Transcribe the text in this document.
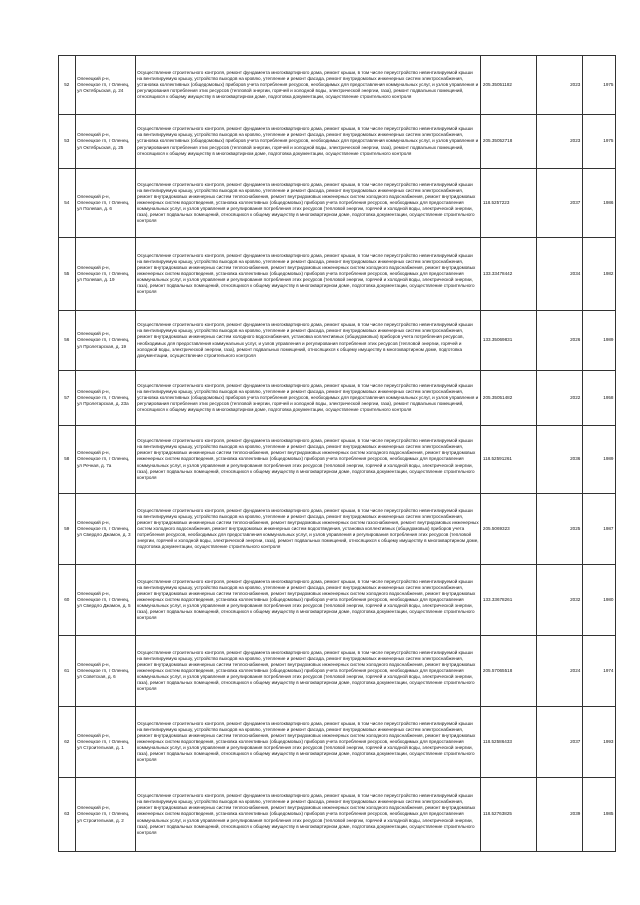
52	Оленецкий р-н, Оленецкое гп, г Оленец, ул Октябрьская, д. 24	Осуществление строительного контроля, ремонт фундамента многоквартирного дома, ремонт крыши, в том числе переустройство невентилируемой крыши на вентилируемую крышу, устройство выходов на кровлю, утепление и ремонт фасада, ремонт внутридомовых инженерных систем электроснабжения, установка коллективных (общедомовых) приборов учета потребления ресурсов, необходимых для предоставления коммунальных услуг, и узлов управления и регулирования потребления этих ресурсов (тепловой энергии, горячей и холодной воды, электрической энергии, газа), ремонт подвальных помещений, относящихся к общему имуществу в многоквартирном доме, подготовка документации, осуществление строительного контроля	205.35051182	2023	1975
53	Оленецкий р-н, Оленецкое гп, г Оленец, ул Октябрьская, д. 25	Осуществление строительного контроля, ремонт фундамента многоквартирного дома, ремонт крыши, в том числе переустройство невентилируемой крыши на вентилируемую крышу, устройство выходов на кровлю, утепление и ремонт фасада, ремонт внутридомовых инженерных систем электроснабжения, установка коллективных (общедомовых) приборов учета потребления ресурсов, необходимых для предоставления коммунальных услуг, и узлов управления и регулирования потребления этих ресурсов (тепловой энергии, горячей и холодной воды, электрической энергии, газа), ремонт подвальных помещений, относящихся к общему имуществу в многоквартирном доме, подготовка документации, осуществление строительного контроля	205.35052718	2023	1975
54	Оленецкий р-н, Оленецкое гп, г Оленец, ул Полевая, д. 6	Осуществление строительного контроля, ремонт фундамента многоквартирного дома, ремонт крыши, в том числе переустройство невентилируемой крыши на вентилируемую крышу, устройство выходов на кровлю, утепление и ремонт фасада, ремонт внутридомовых инженерных систем электроснабжения, ремонт внутридомовых инженерных систем теплоснабжения, ремонт внутридомовых инженерных систем холодного водоснабжения, ремонт внутридомовых инженерных систем водоотведения, установка коллективных (общедомовых) приборов учета потребления ресурсов, необходимых для предоставления коммунальных услуг, и узлов управления и регулирования потребления этих ресурсов (тепловой энергии, горячей и холодной воды, электрической энергии, газа), ремонт подвальных помещений, относящихся к общему имуществу в многоквартирном доме, подготовка документации, осуществление строительного контроля	118.5257223	2037	1986
55	Оленецкий р-н, Оленецкое гп, г Оленец, ул Полевая, д. 19	Осуществление строительного контроля, ремонт фундамента многоквартирного дома, ремонт крыши, в том числе переустройство невентилируемой крыши на вентилируемую крышу, устройство выходов на кровлю, утепление и ремонт фасада, ремонт внутридомовых инженерных систем электроснабжения, ремонт внутридомовых инженерных систем теплоснабжения, ремонт внутридомовых инженерных систем холодного водоснабжения, ремонт внутридомовых инженерных систем водоотведения, установка коллективных (общедомовых) приборов учета потребления ресурсов, необходимых для предоставления коммунальных услуг, и узлов управления и регулирования потребления этих ресурсов (тепловой энергии, горячей и холодной воды, электрической энергии, газа), ремонт подвальных помещений, относящихся к общему имуществу в многоквартирном доме, подготовка документации, осуществление строительного контроля	133.33478442	2034	1982
56	Оленецкий р-н, Оленецкое гп, г Оленец, ул Пролетарская, д. 19	Осуществление строительного контроля, ремонт фундамента многоквартирного дома, ремонт крыши, в том числе переустройство невентилируемой крыши на вентилируемую крышу, устройство выходов на кровлю, утепление и ремонт фасада, ремонт внутридомовых инженерных систем электроснабжения, ремонт внутридомовых инженерных систем холодного водоснабжения, установка коллективных (общедомовых) приборов учета потребления ресурсов, необходимых для предоставления коммунальных услуг, и узлов управления и регулирования потребления этих ресурсов (тепловой энергии, горячей и холодной воды, электрической энергии, газа), ремонт подвальных помещений, относящихся к общему имуществу в многоквартирном доме, подготовка документации, осуществление строительного контроля	133.35069831	2026	1989
57	Оленецкий р-н, Оленецкое гп, г Оленец, ул Пролетарская, д. 23а	Осуществление строительного контроля, ремонт фундамента многоквартирного дома, ремонт крыши, в том числе переустройство невентилируемой крыши на вентилируемую крышу, устройство выходов на кровлю, утепление и ремонт фасада, ремонт внутридомовых инженерных систем электроснабжения, установка коллективных (общедомовых) приборов учета потребления ресурсов, необходимых для предоставления коммунальных услуг, и узлов управления и регулирования потребления этих ресурсов (тепловой энергии, горячей и холодной воды, электрической энергии, газа), ремонт подвальных помещений, относящихся к общему имуществу в многоквартирном доме, подготовка документации, осуществление строительного контроля	205.35051482	2022	1958
58	Оленецкий р-н, Оленецкое гп, г Оленец, ул Речная, д. 7а	Осуществление строительного контроля, ремонт фундамента многоквартирного дома, ремонт крыши, в том числе переустройство невентилируемой крыши на вентилируемую крышу, устройство выходов на кровлю, утепление и ремонт фасада, ремонт внутридомовых инженерных систем электроснабжения, ремонт внутридомовых инженерных систем теплоснабжения, ремонт внутридомовых инженерных систем холодного водоснабжения, ремонт внутридомовых инженерных систем водоотведения, установка коллективных (общедомовых) приборов учета потребления ресурсов, необходимых для предоставления коммунальных услуг, и узлов управления и регулирования потребления этих ресурсов (тепловой энергии, горячей и холодной воды, электрической энергии, газа), ремонт подвальных помещений, относящихся к общему имуществу в многоквартирном доме, подготовка документации, осуществление строительного контроля	118.52591261	2036	1989
59	Оленецкий р-н, Оленецкое гп, г Оленец, ул Свердло Джамон, д. 3	Осуществление строительного контроля, ремонт фундамента многоквартирного дома, ремонт крыши, в том числе переустройство невентилируемой крыши на вентилируемую крышу, устройство выходов на кровлю, утепление и ремонт фасада, ремонт внутридомовых инженерных систем электроснабжения, ремонт внутридомовых инженерных систем теплоснабжения, ремонт внутридомовых инженерных систем газоснабжения, ремонт внутридомовых инженерных систем холодного водоснабжения, ремонт внутридомовых инженерных систем водоотведения, установка коллективных (общедомовых) приборов учета потребления ресурсов, необходимых для предоставления коммунальных услуг, и узлов управления и регулирования потребления этих ресурсов (тепловой энергии, горячей и холодной воды, электрической энергии, газа), ремонт подвальных помещений, относящихся к общему имуществу в многоквартирном доме, подготовка документации, осуществление строительного контроля	205.5069323	2025	1987
60	Оленецкий р-н, Оленецкое гп, г Оленец, ул Свердло Джамон, д. 5	Осуществление строительного контроля, ремонт фундамента многоквартирного дома, ремонт крыши, в том числе переустройство невентилируемой крыши на вентилируемую крышу, устройство выходов на кровлю, утепление и ремонт фасада, ремонт внутридомовых инженерных систем электроснабжения, ремонт внутридомовых инженерных систем теплоснабжения, ремонт внутридомовых инженерных систем холодного водоснабжения, ремонт внутридомовых инженерных систем водоотведения, установка коллективных (общедомовых) приборов учета потребления ресурсов, необходимых для предоставления коммунальных услуг, и узлов управления и регулирования потребления этих ресурсов (тепловой энергии, горячей и холодной воды, электрической энергии, газа), ремонт подвальных помещений, относящихся к общему имуществу в многоквартирном доме, подготовка документации, осуществление строительного контроля	133.33678261	2032	1980
61	Оленецкий р-н, Оленецкое гп, г Оленец, ул Советская, д. 6	Осуществление строительного контроля, ремонт фундамента многоквартирного дома, ремонт крыши, в том числе переустройство невентилируемой крыши на вентилируемую крышу, устройство выходов на кровлю, утепление и ремонт фасада, ремонт внутридомовых инженерных систем электроснабжения, ремонт внутридомовых инженерных систем теплоснабжения, ремонт внутридомовых инженерных систем холодного водоснабжения, ремонт внутридомовых инженерных систем водоотведения, установка коллективных (общедомовых) приборов учета потребления ресурсов, необходимых для предоставления коммунальных услуг, и узлов управления и регулирования потребления этих ресурсов (тепловой энергии, горячей и холодной воды, электрической энергии, газа), ремонт подвальных помещений, относящихся к общему имуществу в многоквартирном доме, подготовка документации, осуществление строительного контроля	205.57065518	2024	1974
62	Оленецкий р-н, Оленецкое гп, г Оленец, ул Строительная, д. 1	Осуществление строительного контроля, ремонт фундамента многоквартирного дома, ремонт крыши, в том числе переустройство невентилируемой крыши на вентилируемую крышу, устройство выходов на кровлю, утепление и ремонт фасада, ремонт внутридомовых инженерных систем электроснабжения, ремонт внутридомовых инженерных систем теплоснабжения, ремонт внутридомовых инженерных систем холодного водоснабжения, ремонт внутридомовых инженерных систем водоотведения, установка коллективных (общедомовых) приборов учета потребления ресурсов, необходимых для предоставления коммунальных услуг, и узлов управления и регулирования потребления этих ресурсов (тепловой энергии, горячей и холодной воды, электрической энергии, газа), ремонт подвальных помещений, относящихся к общему имуществу в многоквартирном доме, подготовка документации, осуществление строительного контроля	118.52586433	2037	1993
63	Оленецкий р-н, Оленецкое гп, г Оленец, ул Строительная, д. 2	Осуществление строительного контроля, ремонт фундамента многоквартирного дома, ремонт крыши, в том числе переустройство невентилируемой крыши на вентилируемую крышу, устройство выходов на кровлю, утепление и ремонт фасада, ремонт внутридомовых инженерных систем электроснабжения, ремонт внутридомовых инженерных систем теплоснабжения, ремонт внутридомовых инженерных систем холодного водоснабжения, ремонт внутридомовых инженерных систем водоотведения, установка коллективных (общедомовых) приборов учета потребления ресурсов, необходимых для предоставления коммунальных услуг, и узлов управления и регулирования потребления этих ресурсов (тепловой энергии, горячей и холодной воды, электрической энергии, газа), ремонт подвальных помещений, относящихся к общему имуществу в многоквартирном доме, подготовка документации, осуществление строительного контроля	118.52763825	2039	1985
